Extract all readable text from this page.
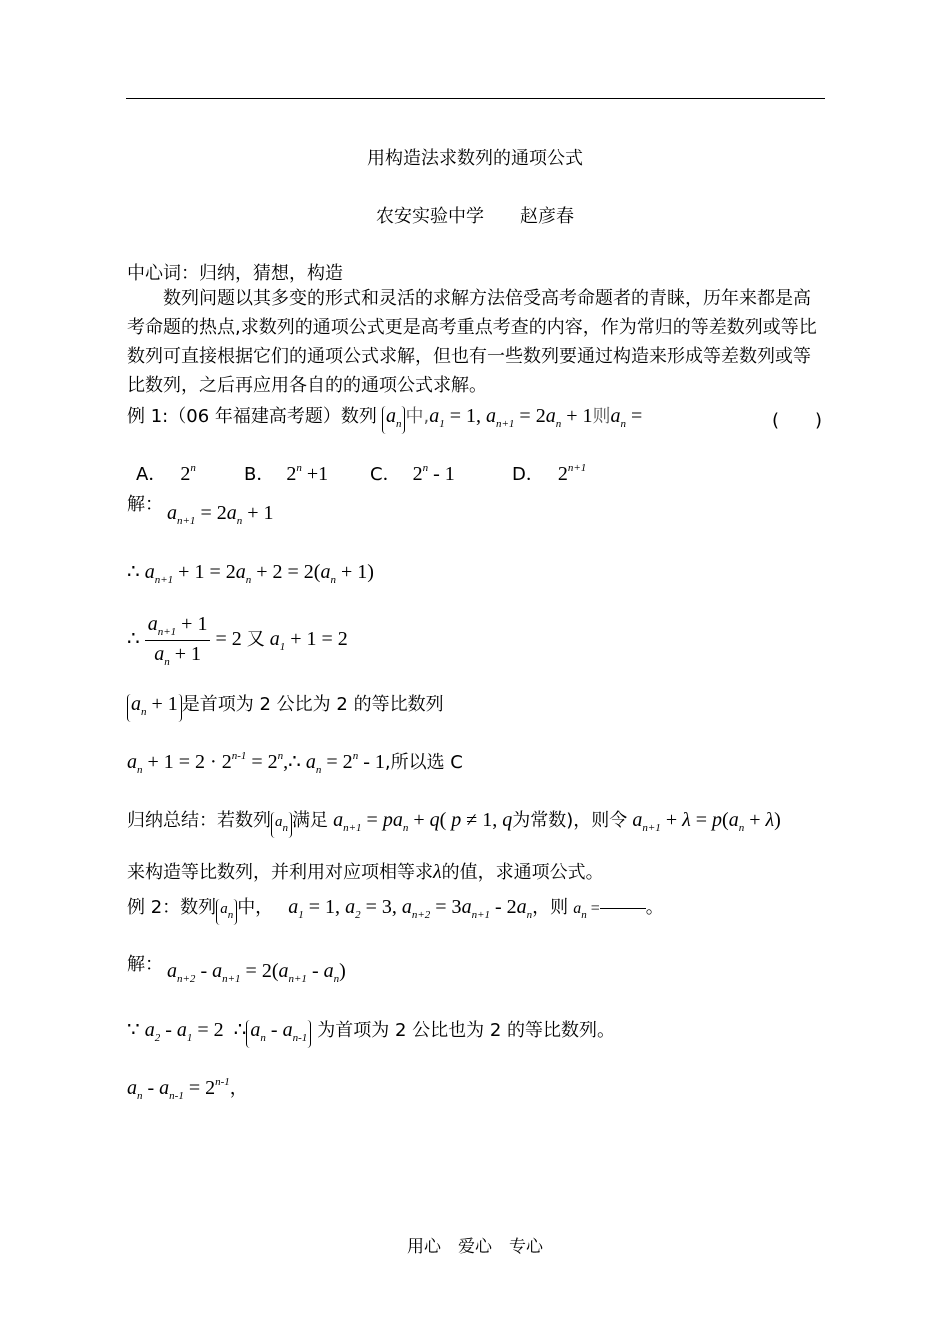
用构造法求数列的通项公式
农安实验中学　　赵彦春
中心词：归纳，猜想，构造
数列问题以其多变的形式和灵活的求解方法倍受高考命题者的青睐，历年来都是高考命题的热点,求数列的通项公式更是高考重点考查的内容，作为常归的等差数列或等比数列可直接根据它们的通项公式求解，但也有一些数列要通过构造来形成等差数列或等比数列，之后再应用各自的的通项公式求解。
例 1:（06 年福建高考题）数列 $a_n$ 中$,a_1 = 1$, $a_{n+1} = 2a_n + 1$则$a_n$ =	(　　)
A． 2$^n$	B． $2^n +1$ C． 2$^n$ - 1	D． $2^{n+1}$
解： $a_{n+1} = 2a_n + 1$
∴ $a_{n+1} + 1 = 2a_n + 2 = 2(a_n + 1)$
∴ $\frac{a_{n+1} + 1}{a_n + 1} = 2$ 又 $a_1 + 1 = 2$
$a_n + 1$ 是首项为 2 公比为 2 的等比数列
$a_n + 1 = 2 \cdot 2^{n-1}$ = $2^n,\therefore$ $a_n = 2^n - 1$,所以选 C
归纳总结：若数列 $a_n$ 满足 $a_{n+1} = pa_n + q$( p ≠ 1, q为常数)，则令 $a_{n+1} + \lambda = p(a_n + \lambda)$
来构造等比数列，并利用对应项相等求λ的值，求通项公式。
例 2：数列 $a_n$ 中， $a_1 = 1$, $a_2 = 3$, $a_{n+2} = 3a_{n+1} - 2a_n$，则 $a_n$ =	。
解： $a_{n+2} - a_{n+1} = 2(a_{n+1} - a_n)$
∵ $a_2 - a_1 = 2$  ∴ $a_n - a_{n-1}$ 为首项为 2 公比也为 2 的等比数列。
$a_n - a_{n-1} = 2^{n-1}$，
用心　爱心　专心
